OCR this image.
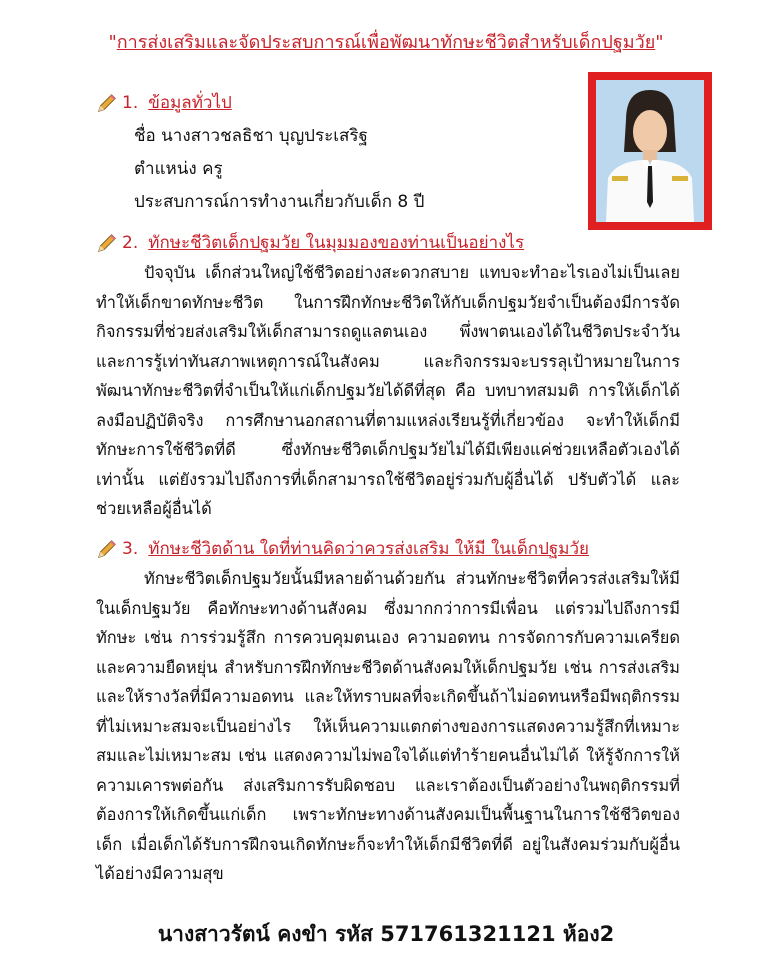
"การส่งเสริมและจัดประสบการณ์เพื่อพัฒนาทักษะชีวิตสำหรับเด็กปฐมวัย"
1. ข้อมูลทั่วไป
ชื่อ นางสาวชลธิชา บุญประเสริฐ
ตำแหน่ง ครู
ประสบการณ์การทำงานเกี่ยวกับเด็ก 8 ปี
2. ทักษะชีวิตเด็กปฐมวัย ในมุมมองของท่านเป็นอย่างไร
ปัจจุบัน เด็กส่วนใหญ่ใช้ชีวิตอย่างสะดวกสบาย แทบจะทำอะไรเองไม่เป็นเลย ทำให้เด็กขาดทักษะชีวิต ในการฝึกทักษะชีวิตให้กับเด็กปฐมวัยจำเป็นต้องมีการจัดกิจกรรมที่ช่วยส่งเสริมให้เด็กสามารถดูแลตนเอง พึ่งพาตนเองได้ในชีวิตประจำวัน และการรู้เท่าทันสภาพเหตุการณ์ในสังคม และกิจกรรมจะบรรลุเป้าหมายในการพัฒนาทักษะชีวิตที่จำเป็นให้แก่เด็กปฐมวัยได้ดีที่สุด คือ บทบาทสมมติ การให้เด็กได้ลงมือปฏิบัติจริง การศึกษานอกสถานที่ตามแหล่งเรียนรู้ที่เกี่ยวข้อง จะทำให้เด็กมีทักษะการใช้ชีวิตที่ดี ซึ่งทักษะชีวิตเด็กปฐมวัยไม่ได้มีเพียงแค่ช่วยเหลือตัวเองได้เท่านั้น แต่ยังรวมไปถึงการที่เด็กสามารถใช้ชีวิตอยู่ร่วมกับผู้อื่นได้ ปรับตัวได้ และช่วยเหลือผู้อื่นได้
3. ทักษะชีวิตด้าน ใดที่ท่านคิดว่าควรส่งเสริม ให้มี ในเด็กปฐมวัย
ทักษะชีวิตเด็กปฐมวัยนั้นมีหลายด้านด้วยกัน ส่วนทักษะชีวิตที่ควรส่งเสริมให้มีในเด็กปฐมวัย คือทักษะทางด้านสังคม ซึ่งมากกว่าการมีเพื่อน แต่รวมไปถึงการมีทักษะ เช่น การร่วมรู้สึก การควบคุมตนเอง ความอดทน การจัดการกับความเครียด และความยืดหยุ่น สำหรับการฝึกทักษะชีวิตด้านสังคมให้เด็กปฐมวัย เช่น การส่งเสริมและให้รางวัลที่มีความอดทน และให้ทราบผลที่จะเกิดขึ้นถ้าไม่อดทนหรือมีพฤติกรรมที่ไม่เหมาะสมจะเป็นอย่างไร ให้เห็นความแตกต่างของการแสดงความรู้สึกที่เหมาะสมและไม่เหมาะสม เช่น แสดงความไม่พอใจได้แต่ทำร้ายคนอื่นไม่ได้ ให้รู้จักการให้ความเคารพต่อกัน ส่งเสริมการรับผิดชอบ และเราต้องเป็นตัวอย่างในพฤติกรรมที่ต้องการให้เกิดขึ้นแก่เด็ก เพราะทักษะทางด้านสังคมเป็นพื้นฐานในการใช้ชีวิตของเด็ก เมื่อเด็กได้รับการฝึกจนเกิดทักษะก็จะทำให้เด็กมีชีวิตที่ดี อยู่ในสังคมร่วมกับผู้อื่นได้อย่างมีความสุข
นางสาวรัตน์ คงขำ รหัส 571761321121 ห้อง2
